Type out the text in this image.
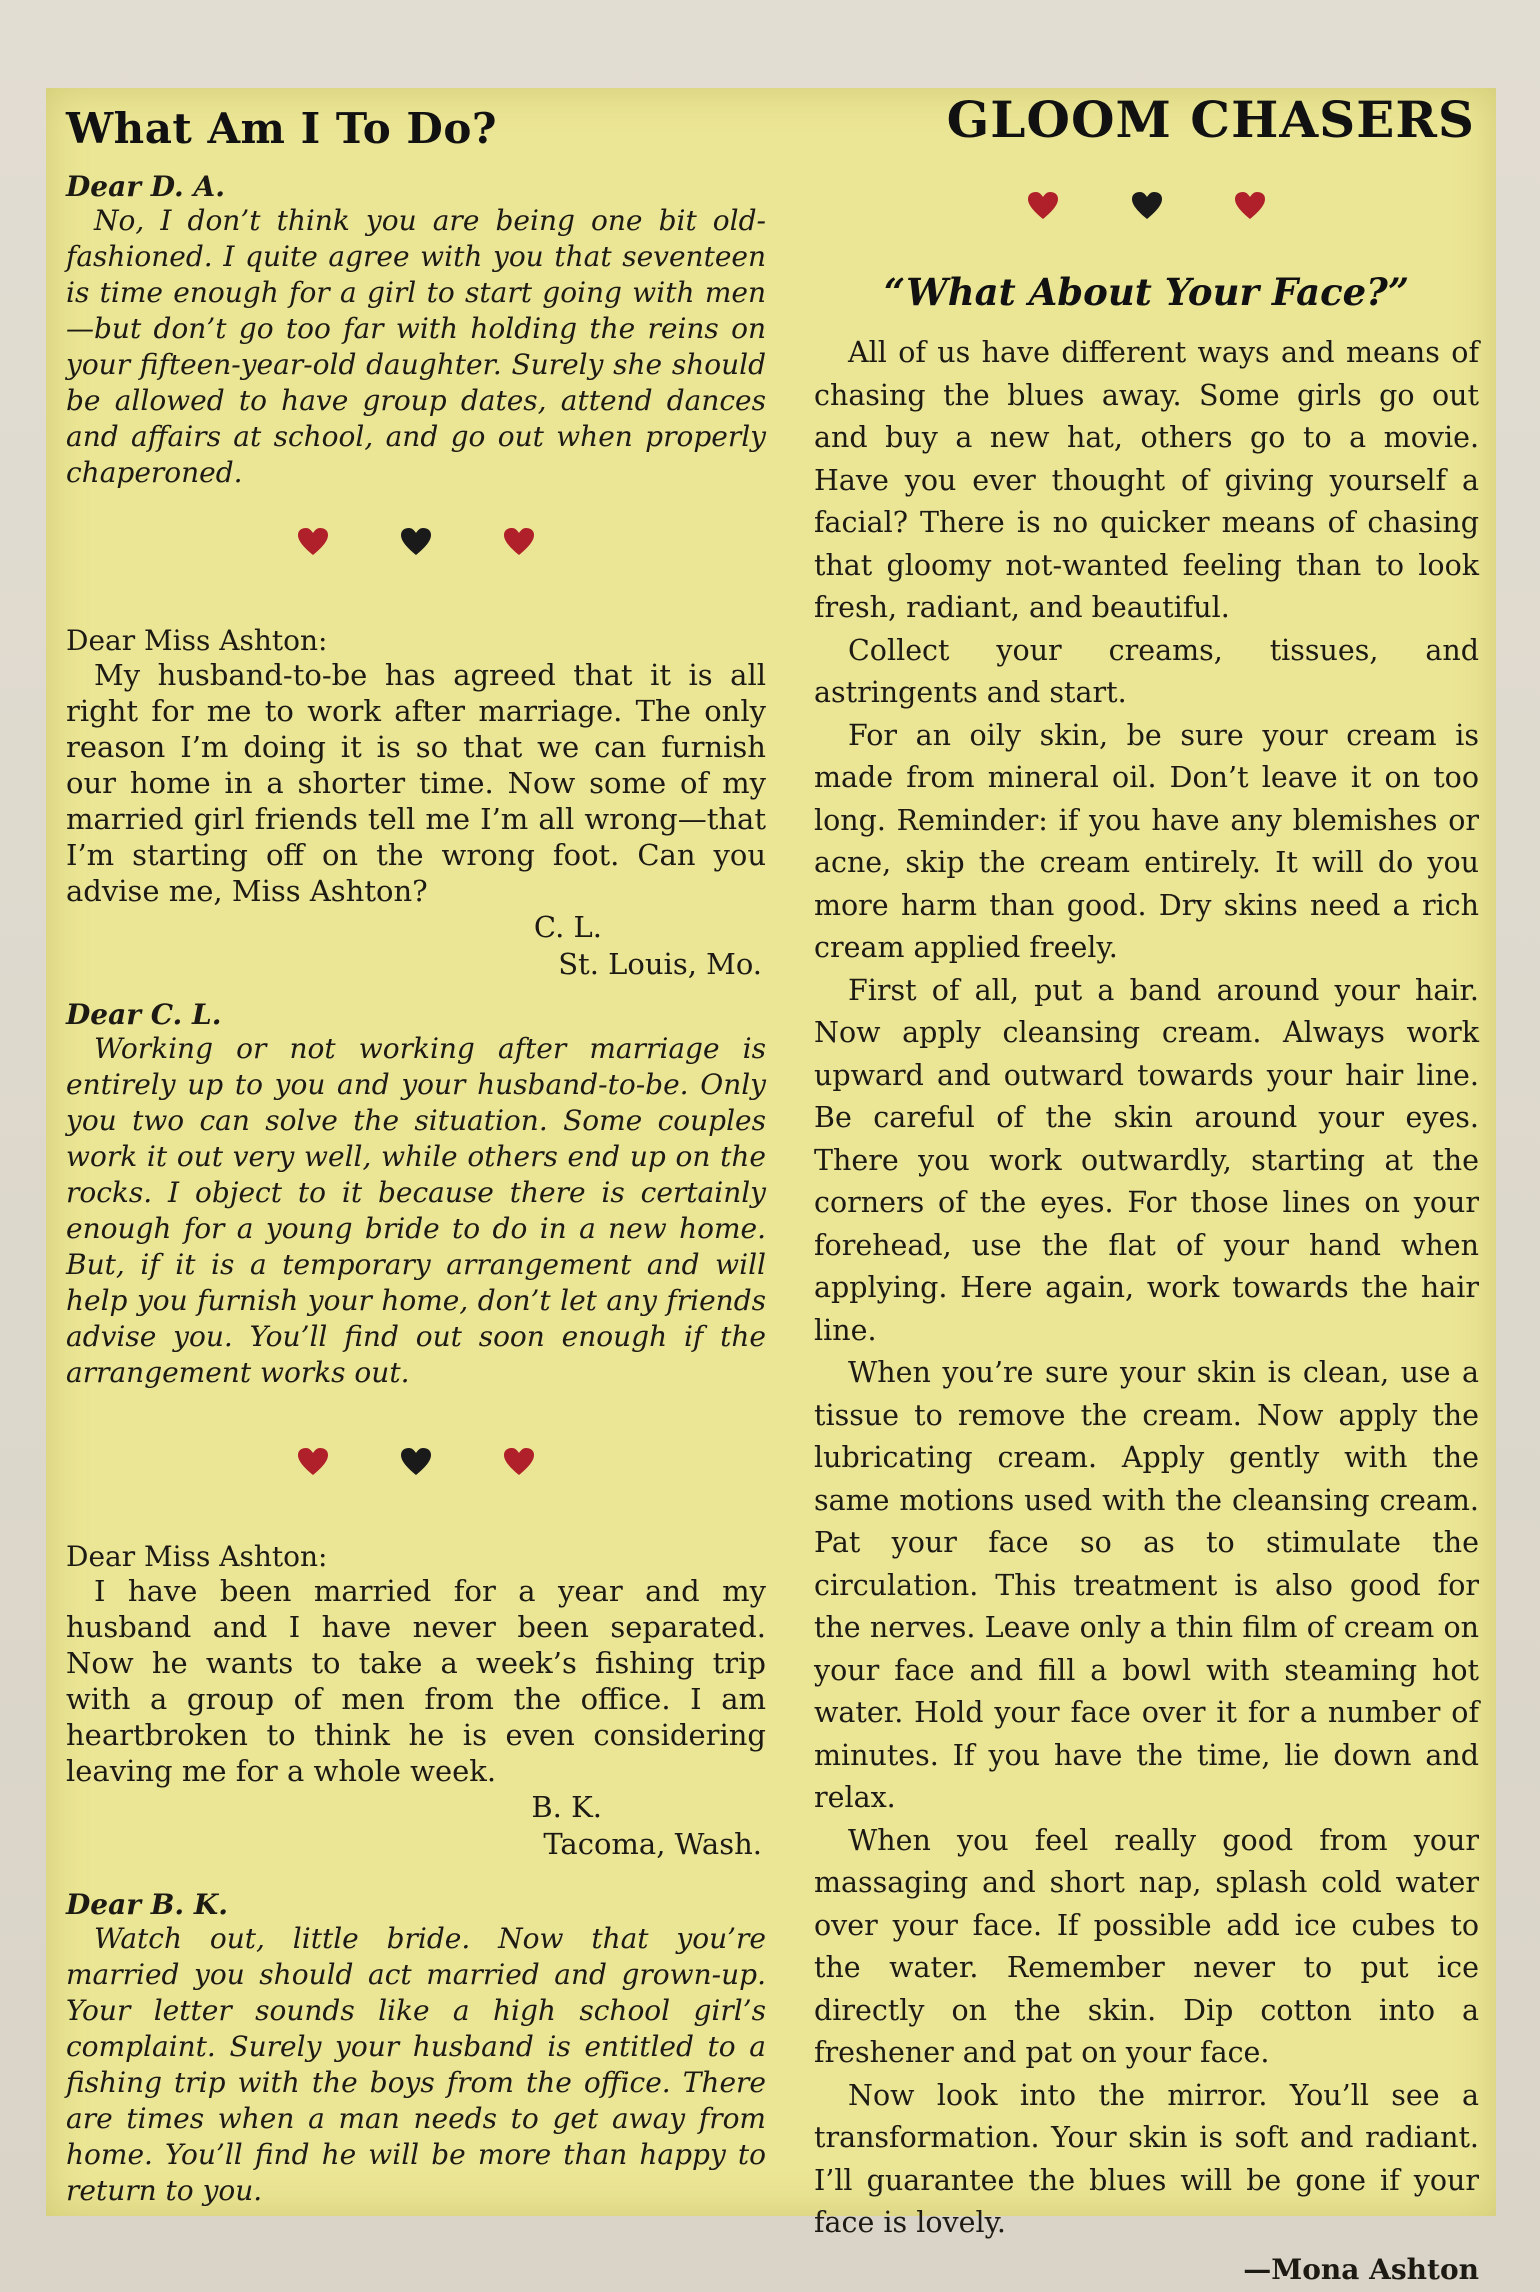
What Am I To Do?

Dear D. A.

No, I don’t think you are being one bit old-fashioned. I quite agree with you that seventeen is time enough for a girl to start going with men—but don’t go too far with holding the reins on your fifteen-year-old daughter. Surely she should be allowed to have group dates, attend dances and affairs at school, and go out when properly chaperoned.

Dear Miss Ashton:

My husband-to-be has agreed that it is all right for me to work after marriage. The only reason I’m doing it is so that we can furnish our home in a shorter time. Now some of my married girl friends tell me I’m all wrong—that I’m starting off on the wrong foot. Can you advise me, Miss Ashton?

C. L.
St. Louis, Mo.

Dear C. L.

Working or not working after marriage is entirely up to you and your husband-to-be. Only you two can solve the situation. Some couples work it out very well, while others end up on the rocks. I object to it because there is certainly enough for a young bride to do in a new home. But, if it is a temporary arrangement and will help you furnish your home, don’t let any friends advise you. You’ll find out soon enough if the arrangement works out.

Dear Miss Ashton:

I have been married for a year and my husband and I have never been separated. Now he wants to take a week’s fishing trip with a group of men from the office. I am heartbroken to think he is even considering leaving me for a whole week.

B. K.
Tacoma, Wash.

Dear B. K.

Watch out, little bride. Now that you’re married you should act married and grown-up. Your letter sounds like a high school girl’s complaint. Surely your husband is entitled to a fishing trip with the boys from the office. There are times when a man needs to get away from home. You’ll find he will be more than happy to return to you.

GLOOM CHASERS

“What About Your Face?”

All of us have different ways and means of chasing the blues away. Some girls go out and buy a new hat, others go to a movie. Have you ever thought of giving yourself a facial? There is no quicker means of chasing that gloomy not-wanted feeling than to look fresh, radiant, and beautiful.

Collect your creams, tissues, and astringents and start.

For an oily skin, be sure your cream is made from mineral oil. Don’t leave it on too long. Reminder: if you have any blemishes or acne, skip the cream entirely. It will do you more harm than good. Dry skins need a rich cream applied freely.

First of all, put a band around your hair. Now apply cleansing cream. Always work upward and outward towards your hair line. Be careful of the skin around your eyes. There you work outwardly, starting at the corners of the eyes. For those lines on your forehead, use the flat of your hand when applying. Here again, work towards the hair line.

When you’re sure your skin is clean, use a tissue to remove the cream. Now apply the lubricating cream. Apply gently with the same motions used with the cleansing cream. Pat your face so as to stimulate the circulation. This treatment is also good for the nerves. Leave only a thin film of cream on your face and fill a bowl with steaming hot water. Hold your face over it for a number of minutes. If you have the time, lie down and relax.

When you feel really good from your massaging and short nap, splash cold water over your face. If possible add ice cubes to the water. Remember never to put ice directly on the skin. Dip cotton into a freshener and pat on your face.

Now look into the mirror. You’ll see a transformation. Your skin is soft and radiant. I’ll guarantee the blues will be gone if your face is lovely.

—Mona Ashton
